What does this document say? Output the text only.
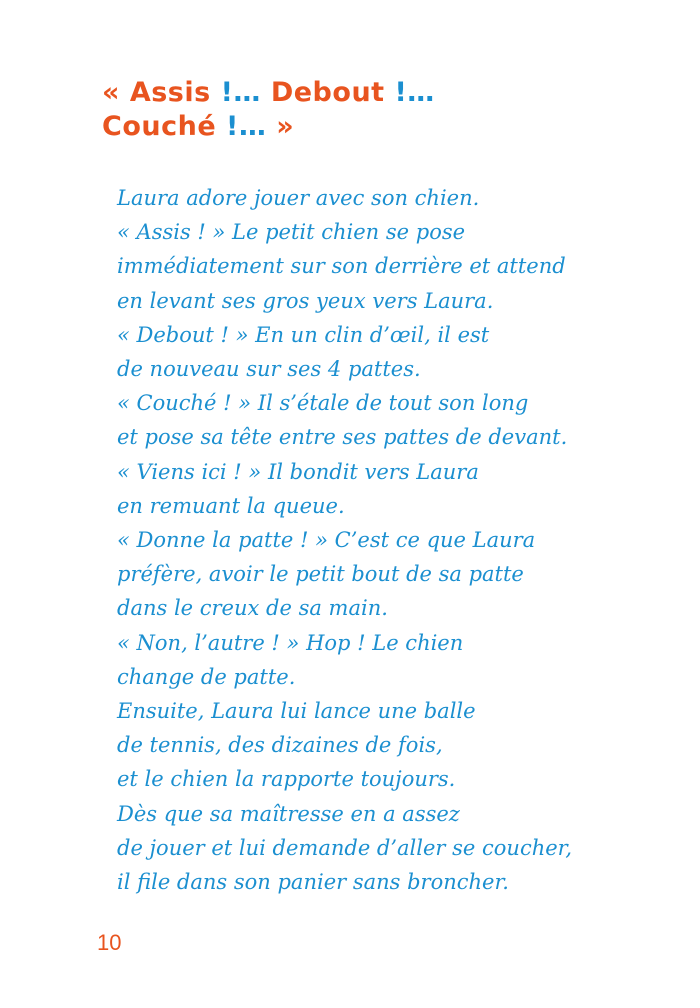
« Assis !… Debout !…
Couché !… »
Laura adore jouer avec son chien.
« Assis ! » Le petit chien se pose
immédiatement sur son derrière et attend
en levant ses gros yeux vers Laura.
« Debout ! » En un clin d’œil, il est
de nouveau sur ses 4 pattes.
« Couché ! » Il s’étale de tout son long
et pose sa tête entre ses pattes de devant.
« Viens ici ! » Il bondit vers Laura
en remuant la queue.
« Donne la patte ! » C’est ce que Laura
préfère, avoir le petit bout de sa patte
dans le creux de sa main.
« Non, l’autre ! » Hop ! Le chien
change de patte.
Ensuite, Laura lui lance une balle
de tennis, des dizaines de fois,
et le chien la rapporte toujours.
Dès que sa maîtresse en a assez
de jouer et lui demande d’aller se coucher,
il file dans son panier sans broncher.
10
